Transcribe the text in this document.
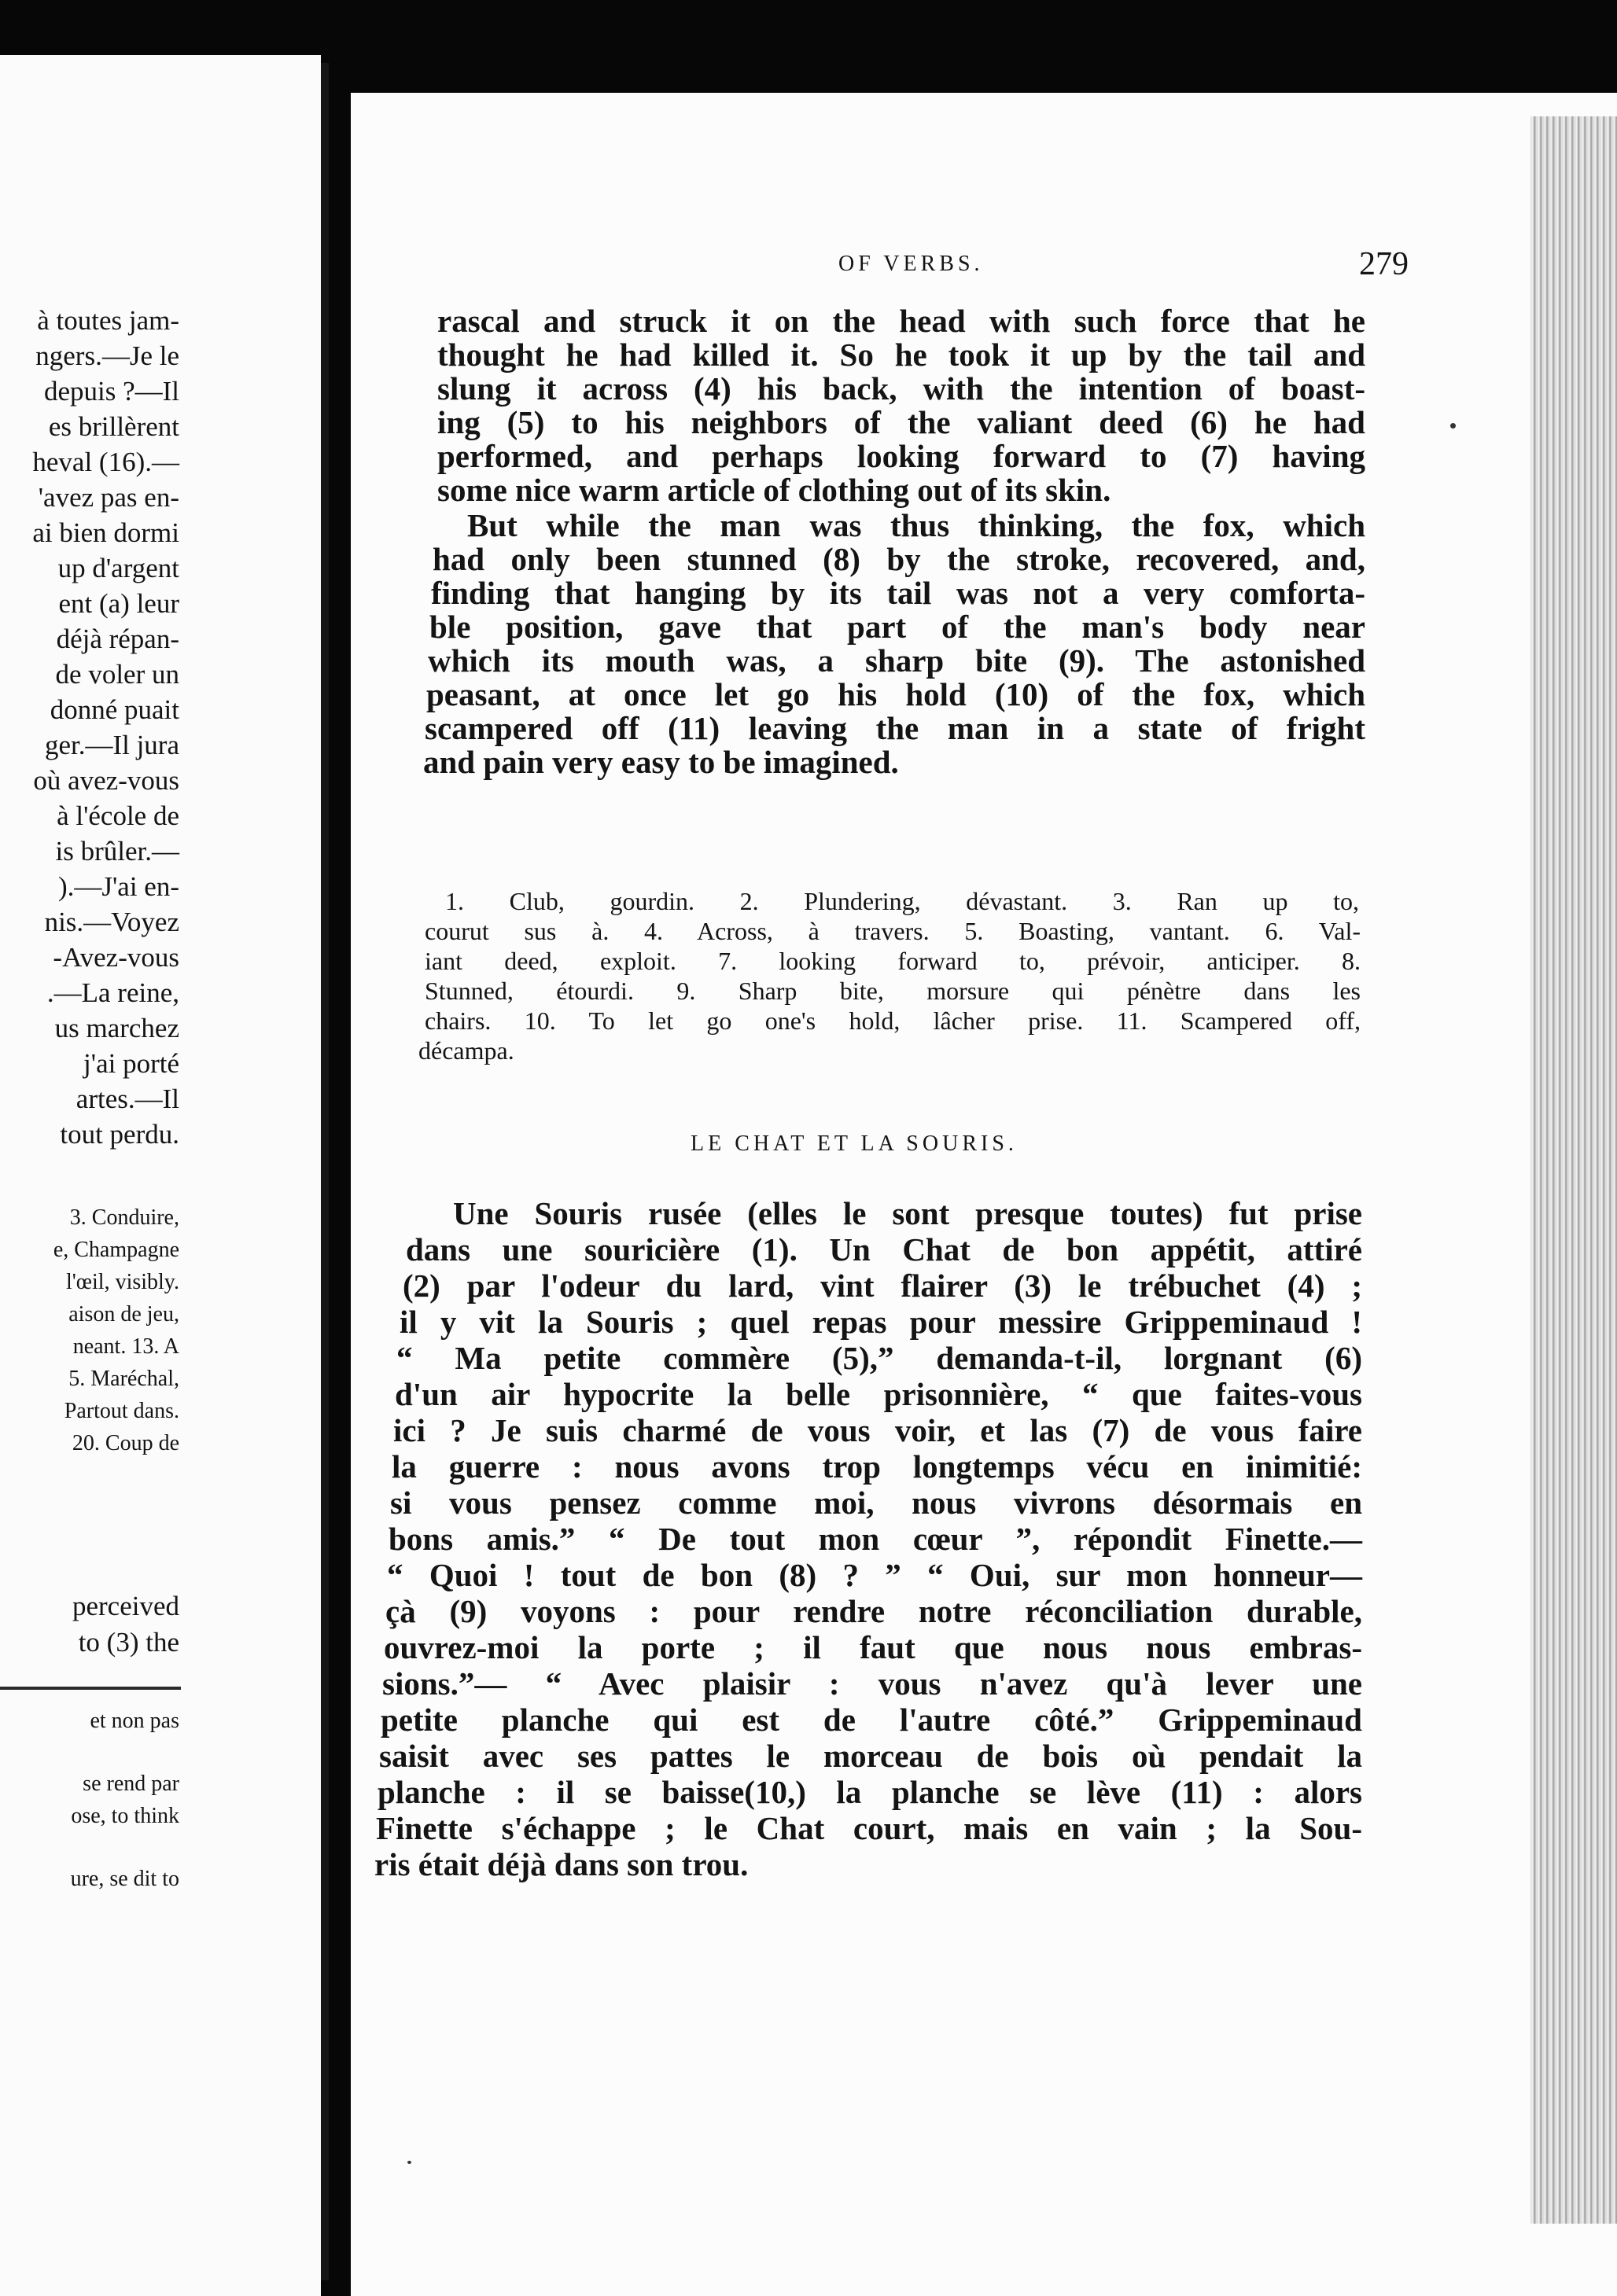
à toutes jam-
ngers.—Je le
depuis ?—Il
es brillèrent
heval (16).—
'avez pas en-
ai bien dormi
up d'argent
ent (a) leur
déjà répan-
de voler un
donné puait
ger.—Il jura
où avez-vous
à l'école de
is brûler.—
).—J'ai en-
nis.—Voyez
-Avez-vous
.—La reine,
us marchez
j'ai porté
artes.—Il
tout perdu.
3. Conduire,
e, Champagne
l'œil, visibly.
aison de jeu,
neant. 13. A
5. Maréchal,
Partout dans.
20. Coup de
perceived
to (3) the
et non pas
se rend par
ose, to think
ure, se dit to
OF VERBS.	279
rascal and struck it on the head with such force that he
thought he had killed it. So he took it up by the tail and
slung it across (4) his back, with the intention of boast-
ing (5) to his neighbors of the valiant deed (6) he had
performed, and perhaps looking forward to (7) having
some nice warm article of clothing out of its skin.
But while the man was thus thinking, the fox, which
had only been stunned (8) by the stroke, recovered, and,
finding that hanging by its tail was not a very comforta-
ble position, gave that part of the man's body near
which its mouth was, a sharp bite (9). The astonished
peasant, at once let go his hold (10) of the fox, which
scampered off (11) leaving the man in a state of fright
and pain very easy to be imagined.
1. Club, gourdin. 2. Plundering, dévastant. 3. Ran up to,
courut sus à. 4. Across, à travers. 5. Boasting, vantant. 6. Val-
iant deed, exploit. 7. looking forward to, prévoir, anticiper. 8.
Stunned, étourdi. 9. Sharp bite, morsure qui pénètre dans les
chairs. 10. To let go one's hold, lâcher prise. 11. Scampered off,
décampa.
LE CHAT ET LA SOURIS.
Une Souris rusée (elles le sont presque toutes) fut prise
dans une souricière (1). Un Chat de bon appétit, attiré
(2) par l'odeur du lard, vint flairer (3) le trébuchet (4) ;
il y vit la Souris ; quel repas pour messire Grippeminaud !
“ Ma petite commère (5),” demanda-t-il, lorgnant (6)
d'un air hypocrite la belle prisonnière, “ que faites-vous
ici ? Je suis charmé de vous voir, et las (7) de vous faire
la guerre : nous avons trop longtemps vécu en inimitié:
si vous pensez comme moi, nous vivrons désormais en
bons amis.” “ De tout mon cœur ”, répondit Finette.—
“ Quoi ! tout de bon (8) ? ” “ Oui, sur mon honneur—
çà (9) voyons : pour rendre notre réconciliation durable,
ouvrez-moi la porte ; il faut que nous nous embras-
sions.”— “ Avec plaisir : vous n'avez qu'à lever une
petite planche qui est de l'autre côté.” Grippeminaud
saisit avec ses pattes le morceau de bois où pendait la
planche : il se baisse(10,) la planche se lève (11) : alors
Finette s'échappe ; le Chat court, mais en vain ; la Sou-
ris était déjà dans son trou.
